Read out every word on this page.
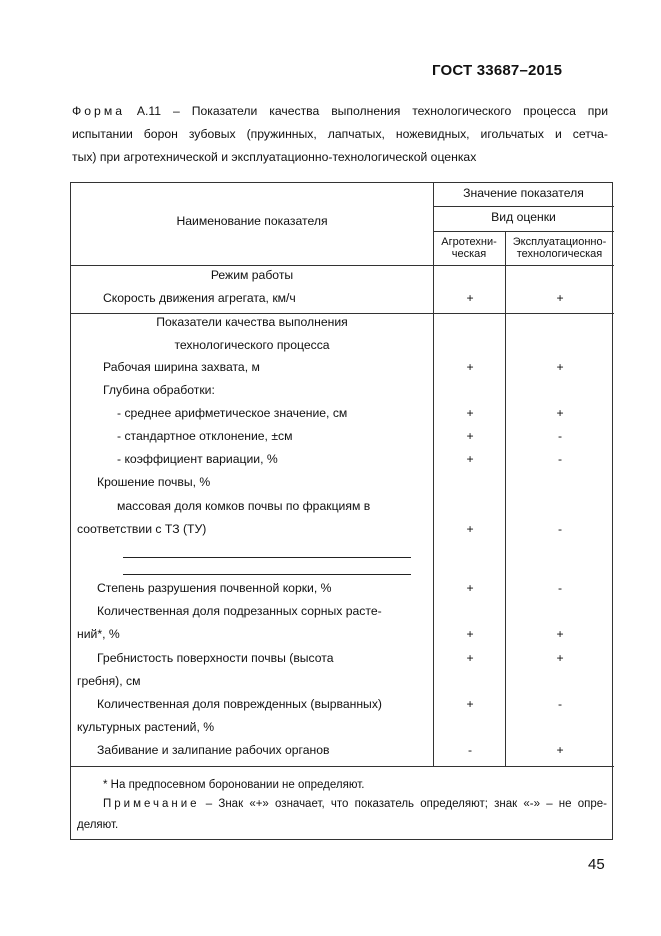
ГОСТ 33687–2015
Форма А.11 – Показатели качества выполнения технологического процесса при
испытании борон зубовых (пружинных, лапчатых, ножевидных, игольчатых и сетча-
тых) при агротехнической и эксплуатационно-технологической оценках
Наименование показателя
Значение показателя
Вид оценки
Агротехни-
ческая
Эксплуатационно-
технологическая
Режим работы
Скорость движения агрегата, км/ч	+	+
Показатели качества выполнения
технологического процесса
Рабочая ширина захвата, м	+	+
Глубина обработки:
- среднее арифметическое значение, см	+	+
- стандартное отклонение, ±см	+	-
- коэффициент вариации, %	+	-
Крошение почвы, %
массовая доля комков почвы по фракциям в
соответствии с ТЗ (ТУ)	+	-
Степень разрушения почвенной корки, %	+	-
Количественная доля подрезанных сорных расте-
ний*, %	+	+
Гребнистость поверхности почвы (высота	+	+
гребня), см
Количественная доля поврежденных (вырванных)	+	-
культурных растений, %
Забивание и залипание рабочих органов	-	+
* На предпосевном бороновании не определяют.
Примечание – Знак «+» означает, что показатель определяют; знак «-» – не опре-
деляют.
45
